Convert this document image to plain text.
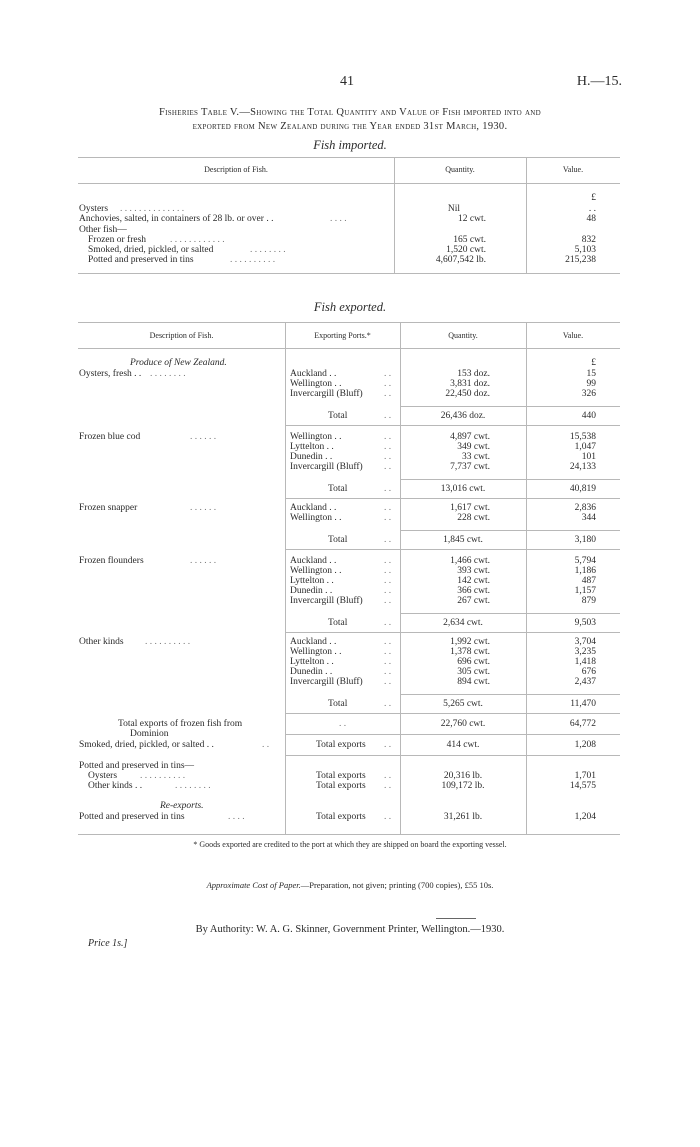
41	H.—15.
Fisheries Table V.—Showing the Total Quantity and Value of Fish imported into and
exported from New Zealand during the Year ended 31st March, 1930.
Fish imported.
Description of Fish.	Quantity.	Value.
£
Oysters . . . . . . . . . . . . . .	Nil	. .
Anchovies, salted, in containers of 28 lb. or over . .	. . . .	12 cwt.	48
Other fish—
Frozen or fresh	. . . . . . . . . . . .	165 cwt.	832
Smoked, dried, pickled, or salted	. . . . . . . .	1,520 cwt.	5,103
Potted and preserved in tins	. . . . . . . . . .	4,607,542 lb.	215,238
Fish exported.
Description of Fish.	Exporting Ports.*	Quantity.	Value.
Produce of New Zealand.	£
Oysters, fresh . . . . . . . . . .	Auckland . .	. .	153 doz.	15
Wellington . .	. .	3,831 doz.	99
Invercargill (Bluff) . .	22,450 doz.	326
Total	. .	26,436 doz.	440
Frozen blue cod	. . . . . .	Wellington . .	. .	4,897 cwt.	15,538
Lyttelton . .	. .	349 cwt.	1,047
Dunedin . .	. .	33 cwt.	101
Invercargill (Bluff) . .	7,737 cwt.	24,133
Total	. .	13,016 cwt.	40,819
Frozen snapper	. . . . . .	Auckland . .	. .	1,617 cwt.	2,836
Wellington . .	. .	228 cwt.	344
Total	. .	1,845 cwt.	3,180
Frozen flounders	. . . . . .	Auckland . .	. .	1,466 cwt.	5,794
Wellington . .	. .	393 cwt.	1,186
Lyttelton . .	. .	142 cwt.	487
Dunedin . .	. .	366 cwt.	1,157
Invercargill (Bluff) . .	267 cwt.	879
Total	. .	2,634 cwt.	9,503
Other kinds . . . . . . . . . .	Auckland . .	. .	1,992 cwt.	3,704
Wellington . .	. .	1,378 cwt.	3,235
Lyttelton . .	. .	696 cwt.	1,418
Dunedin . .	. .	305 cwt.	676
Invercargill (Bluff) . .	894 cwt.	2,437
Total	. .	5,265 cwt.	11,470
Total exports of frozen fish from
Dominion
. .	22,760 cwt.	64,772
Smoked, dried, pickled, or salted . .	. .	Total exports . .	414 cwt.	1,208
Potted and preserved in tins—
Oysters . . . . . . . . . .	Total exports . .	20,316 lb.	1,701
Other kinds . .	. . . . . . . .	Total exports . .	109,172 lb.	14,575
Re-exports.
Potted and preserved in tins	. . . .	Total exports . .	31,261 lb.	1,204
* Goods exported are credited to the port at which they are shipped on board the exporting vessel.
Approximate Cost of Paper.—Preparation, not given; printing (700 copies), £55 10s.
By Authority: W. A. G. Skinner, Government Printer, Wellington.—1930.
Price 1s.]
